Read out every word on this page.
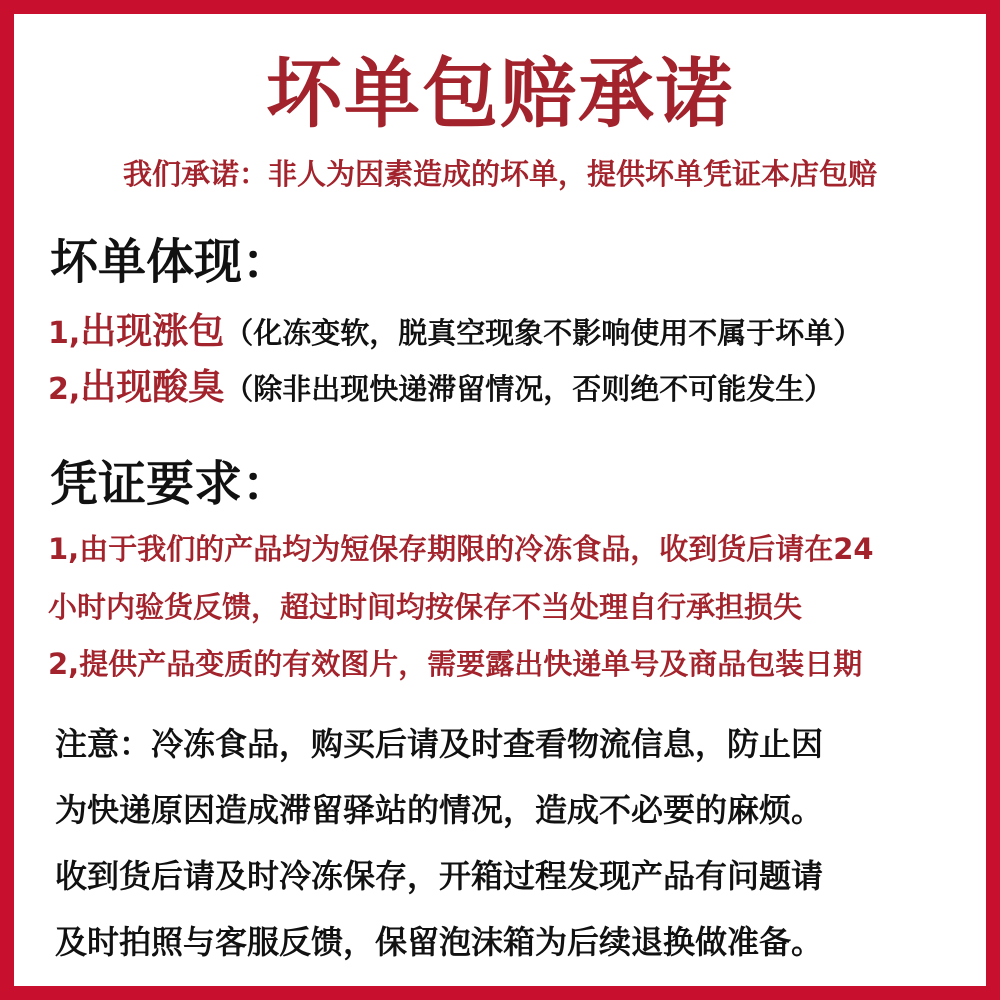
坏单包赔承诺
我们承诺：非人为因素造成的坏单，提供坏单凭证本店包赔
坏单体现：
1,出现涨包（化冻变软，脱真空现象不影响使用不属于坏单）
2,出现酸臭（除非出现快递滞留情况，否则绝不可能发生）
凭证要求：
1,由于我们的产品均为短保存期限的冷冻食品，收到货后请在24
小时内验货反馈，超过时间均按保存不当处理自行承担损失
2,提供产品变质的有效图片，需要露出快递单号及商品包装日期
注意：冷冻食品，购买后请及时查看物流信息，防止因
为快递原因造成滞留驿站的情况，造成不必要的麻烦。
收到货后请及时冷冻保存，开箱过程发现产品有问题请
及时拍照与客服反馈，保留泡沫箱为后续退换做准备。
